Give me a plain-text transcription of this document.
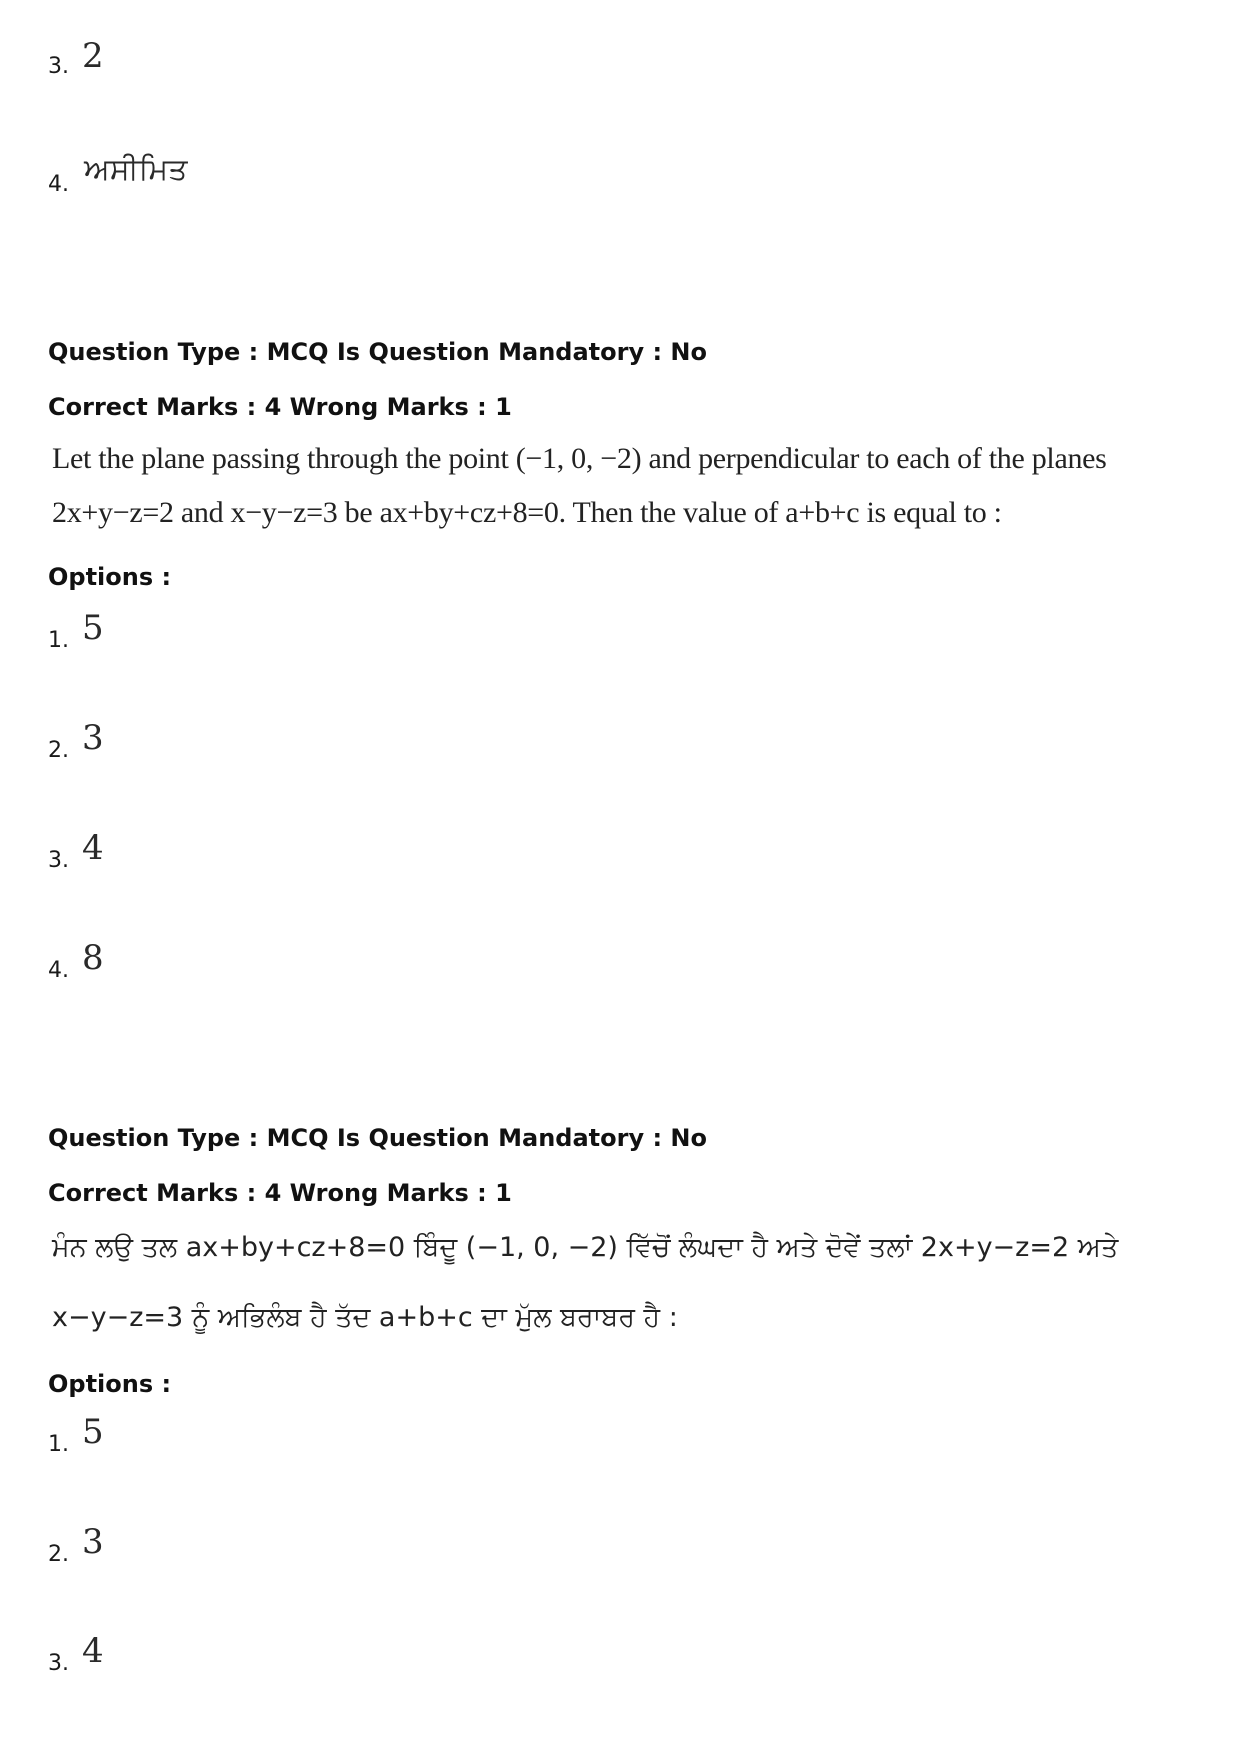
3. 2
4. ਅਸੀਮਿਤ
Question Type : MCQ Is Question Mandatory : No
Correct Marks : 4 Wrong Marks : 1
Let the plane passing through the point (−1, 0, −2) and perpendicular to each of the planes
2x+y−z=2 and x−y−z=3 be ax+by+cz+8=0. Then the value of a+b+c is equal to :
Options :
1. 5
2. 3
3. 4
4. 8
Question Type : MCQ Is Question Mandatory : No
Correct Marks : 4 Wrong Marks : 1
ਮੰਨ ਲਉ ਤਲ ax+by+cz+8=0 ਬਿੰਦੂ (−1, 0, −2) ਵਿੱਚੋਂ ਲੰਘਦਾ ਹੈ ਅਤੇ ਦੋਵੇਂ ਤਲਾਂ 2x+y−z=2 ਅਤੇ
x−y−z=3 ਨੂੰ ਅਭਿਲੰਬ ਹੈ ਤੱਦ a+b+c ਦਾ ਮੁੱਲ ਬਰਾਬਰ ਹੈ :
Options :
1. 5
2. 3
3. 4
